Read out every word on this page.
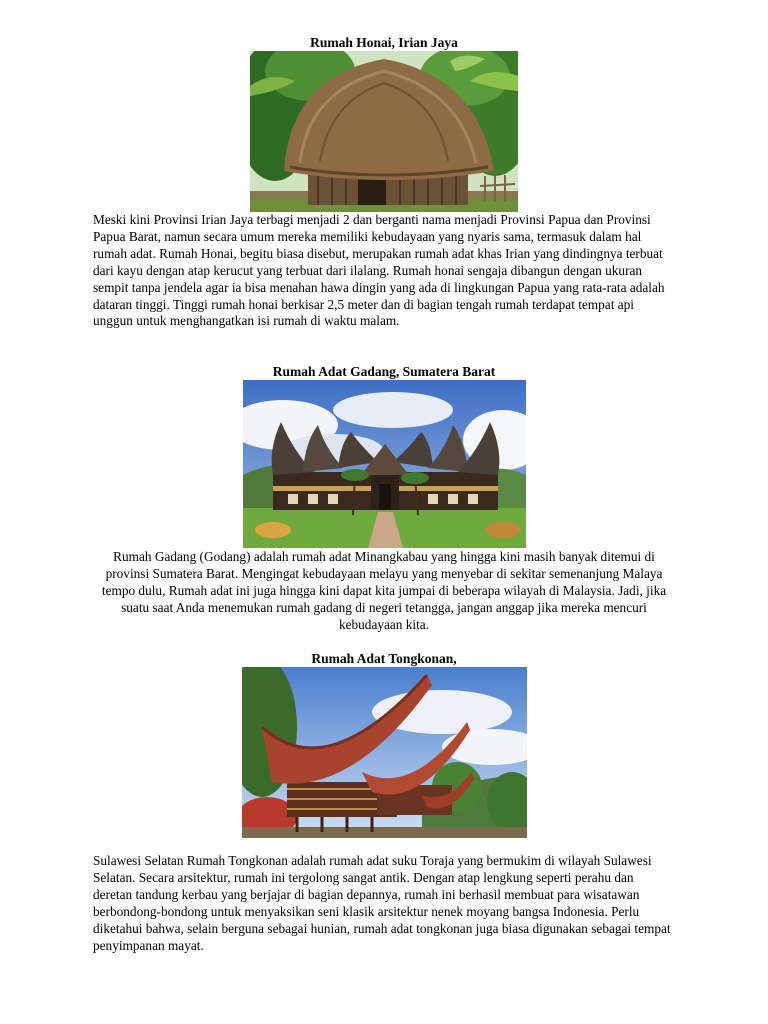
Rumah Honai, Irian Jaya

Meski kini Provinsi Irian Jaya terbagi menjadi 2 dan berganti nama menjadi Provinsi Papua dan Provinsi Papua Barat, namun secara umum mereka memiliki kebudayaan yang nyaris sama, termasuk dalam hal rumah adat. Rumah Honai, begitu biasa disebut, merupakan rumah adat khas Irian yang dindingnya terbuat dari kayu dengan atap kerucut yang terbuat dari ilalang. Rumah honai sengaja dibangun dengan ukuran sempit tanpa jendela agar ia bisa menahan hawa dingin yang ada di lingkungan Papua yang rata-rata adalah dataran tinggi. Tinggi rumah honai berkisar 2,5 meter dan di bagian tengah rumah terdapat tempat api unggun untuk menghangatkan isi rumah di waktu malam.

Rumah Adat Gadang, Sumatera Barat

Rumah Gadang (Godang) adalah rumah adat Minangkabau yang hingga kini masih banyak ditemui di provinsi Sumatera Barat. Mengingat kebudayaan melayu yang menyebar di sekitar semenanjung Malaya tempo dulu, Rumah adat ini juga hingga kini dapat kita jumpai di beberapa wilayah di Malaysia. Jadi, jika suatu saat Anda menemukan rumah gadang di negeri tetangga, jangan anggap jika mereka mencuri kebudayaan kita.

Rumah Adat Tongkonan,

Sulawesi Selatan Rumah Tongkonan adalah rumah adat suku Toraja yang bermukim di wilayah Sulawesi Selatan. Secara arsitektur, rumah ini tergolong sangat antik. Dengan atap lengkung seperti perahu dan deretan tandung kerbau yang berjajar di bagian depannya, rumah ini berhasil membuat para wisatawan berbondong-bondong untuk menyaksikan seni klasik arsitektur nenek moyang bangsa Indonesia. Perlu diketahui bahwa, selain berguna sebagai hunian, rumah adat tongkonan juga biasa digunakan sebagai tempat penyimpanan mayat.
